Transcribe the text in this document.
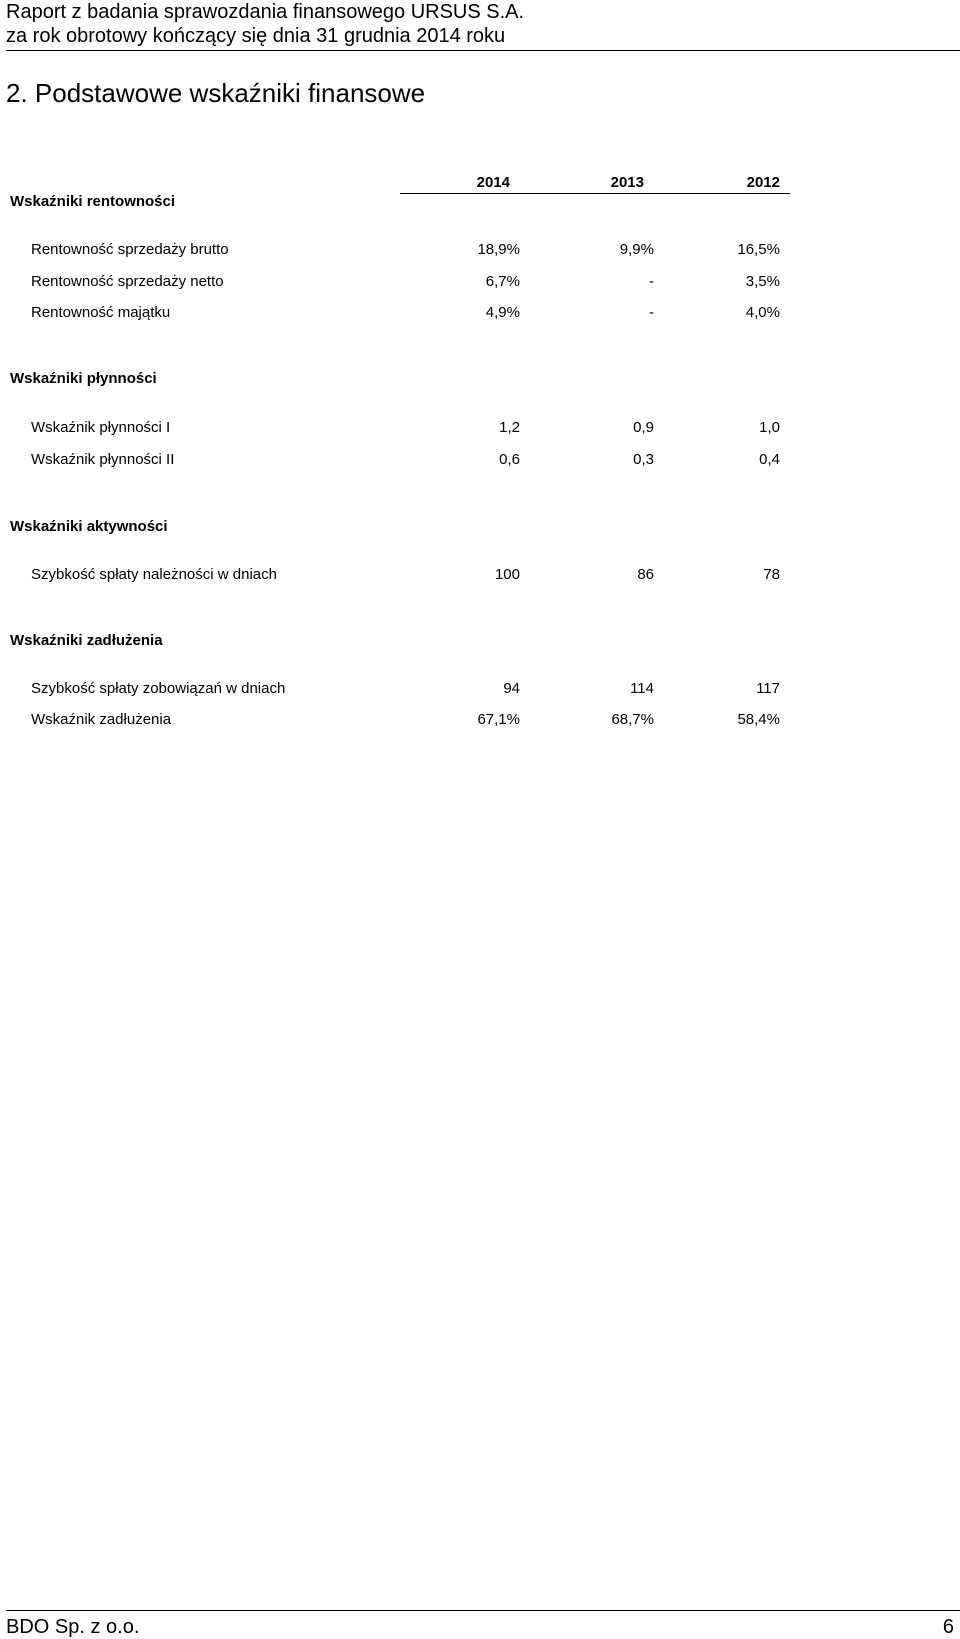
Raport z badania sprawozdania finansowego URSUS S.A.
za rok obrotowy kończący się dnia 31 grudnia 2014 roku
2. Podstawowe wskaźniki finansowe
2014	2013	2012
Wskaźniki rentowności
Rentowność sprzedaży brutto	18,9%	9,9%	16,5%
Rentowność sprzedaży netto	6,7%	-	3,5%
Rentowność majątku	4,9%	-	4,0%
Wskaźniki płynności
Wskaźnik płynności I	1,2	0,9	1,0
Wskaźnik płynności II	0,6	0,3	0,4
Wskaźniki aktywności
Szybkość spłaty należności w dniach	100	86	78
Wskaźniki zadłużenia
Szybkość spłaty zobowiązań w dniach	94	114	117
Wskaźnik zadłużenia	67,1%	68,7%	58,4%
BDO Sp. z o.o.	6
